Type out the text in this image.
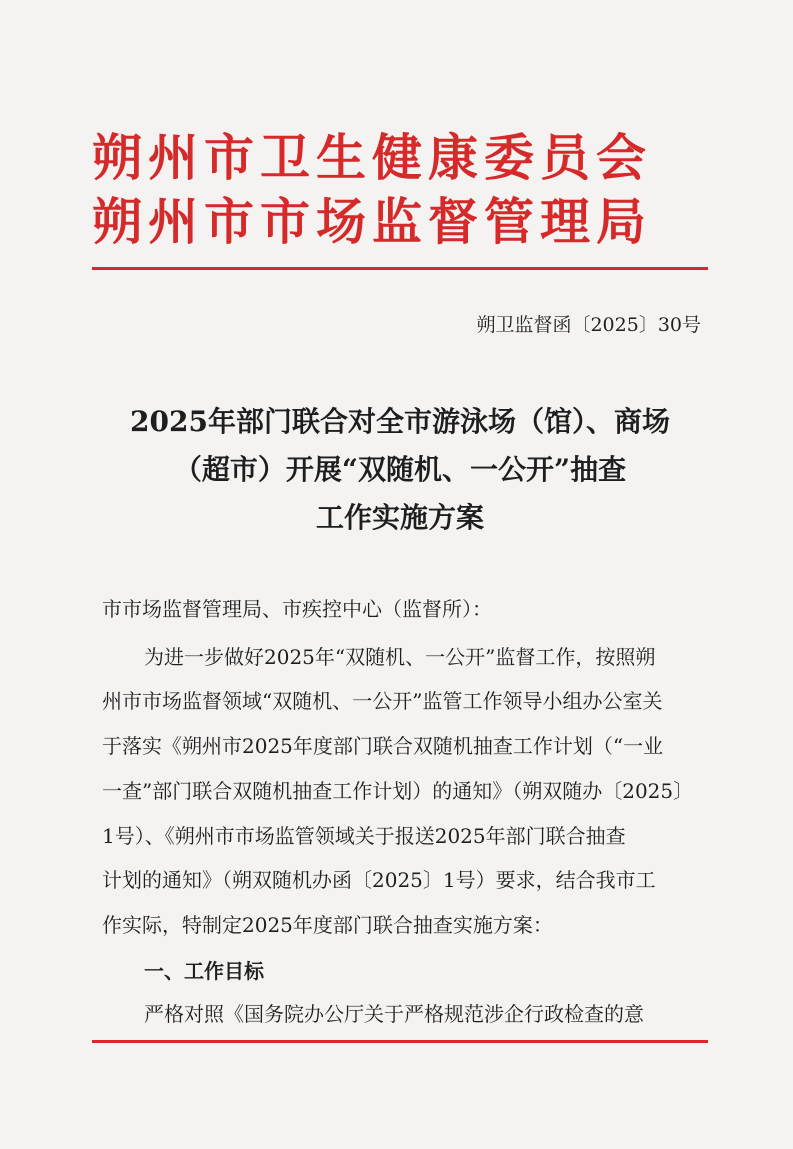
朔州市卫生健康委员会
朔州市市场监督管理局
朔卫监督函〔2025〕30号
2025年部门联合对全市游泳场（馆）、商场
（超市）开展“双随机、一公开”抽查
工作实施方案
市市场监督管理局、市疾控中心（监督所）：
为进一步做好2025年“双随机、一公开”监督工作，按照朔
州市市场监督领域“双随机、一公开”监管工作领导小组办公室关
于落实《朔州市2025年度部门联合双随机抽查工作计划（“一业
一查”部门联合双随机抽查工作计划）的通知》（朔双随办〔2025〕
1号）、《朔州市市场监管领域关于报送2025年部门联合抽查
计划的通知》（朔双随机办函〔2025〕1号）要求，结合我市工
作实际，特制定2025年度部门联合抽查实施方案：
一、工作目标
严格对照《国务院办公厅关于严格规范涉企行政检查的意
